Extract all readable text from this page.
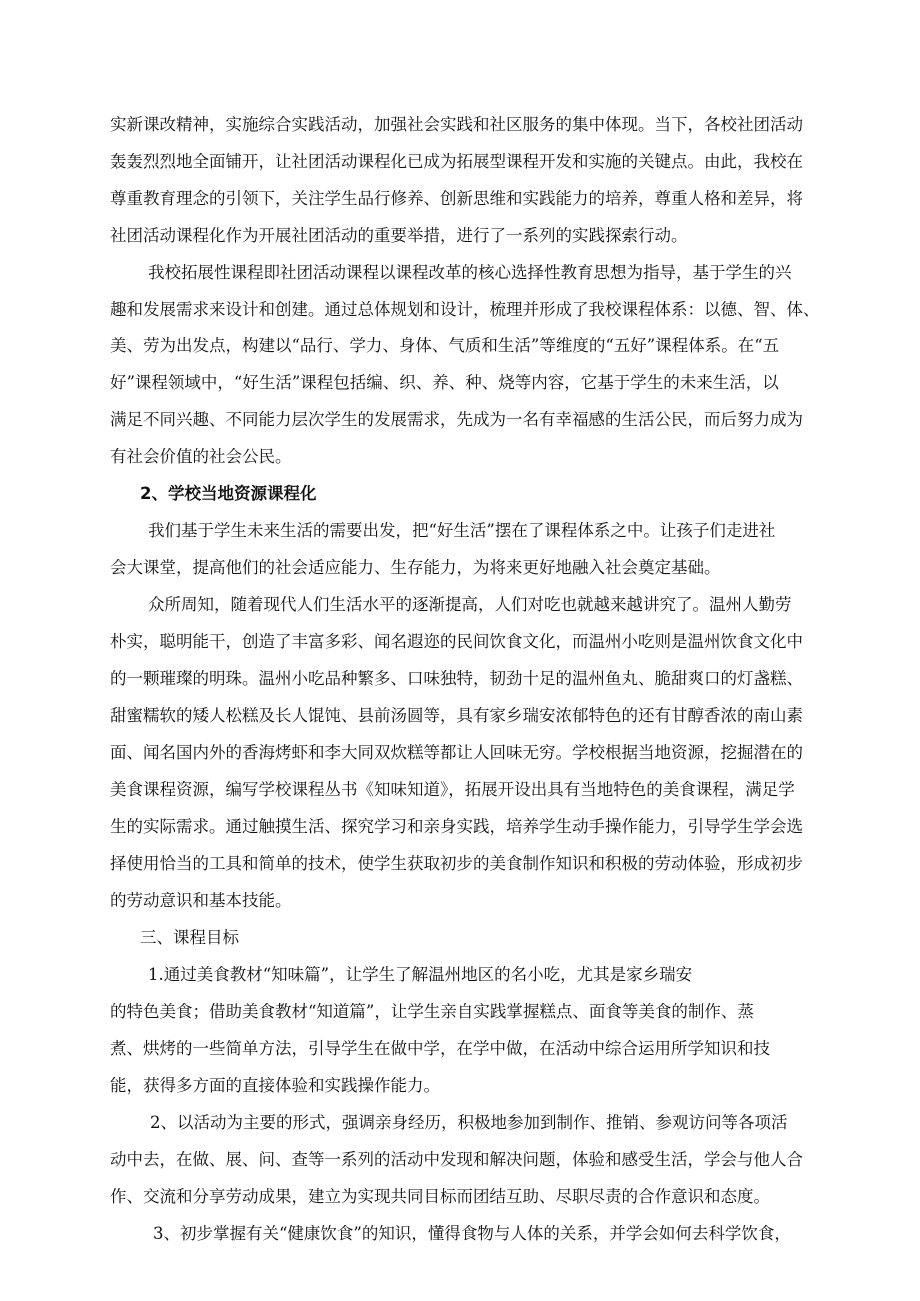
实新课改精神，实施综合实践活动，加强社会实践和社区服务的集中体现。当下，各校社团活动

轰轰烈烈地全面铺开，让社团活动课程化已成为拓展型课程开发和实施的关键点。由此，我校在

尊重教育理念的引领下，关注学生品行修养、创新思维和实践能力的培养，尊重人格和差异，将

社团活动课程化作为开展社团活动的重要举措，进行了一系列的实践探索行动。

我校拓展性课程即社团活动课程以课程改革的核心选择性教育思想为指导，基于学生的兴

趣和发展需求来设计和创建。通过总体规划和设计，梳理并形成了我校课程体系：以德、智、体、

美、劳为出发点，构建以“品行、学力、身体、气质和生活”等维度的“五好”课程体系。在“五

好”课程领域中，“好生活”课程包括编、织、养、种、烧等内容，它基于学生的未来生活，以

满足不同兴趣、不同能力层次学生的发展需求，先成为一名有幸福感的生活公民，而后努力成为

有社会价值的社会公民。

2、学校当地资源课程化

我们基于学生未来生活的需要出发，把“好生活”摆在了课程体系之中。让孩子们走进社

会大课堂，提高他们的社会适应能力、生存能力，为将来更好地融入社会奠定基础。

众所周知，随着现代人们生活水平的逐渐提高，人们对吃也就越来越讲究了。温州人勤劳

朴实，聪明能干，创造了丰富多彩、闻名遐迩的民间饮食文化，而温州小吃则是温州饮食文化中

的一颗璀璨的明珠。温州小吃品种繁多、口味独特，韧劲十足的温州鱼丸、脆甜爽口的灯盏糕、

甜蜜糯软的矮人松糕及长人馄饨、县前汤圆等，具有家乡瑞安浓郁特色的还有甘醇香浓的南山素

面、闻名国内外的香海烤虾和李大同双炊糕等都让人回味无穷。学校根据当地资源，挖掘潜在的

美食课程资源，编写学校课程丛书《知味知道》，拓展开设出具有当地特色的美食课程，满足学

生的实际需求。通过触摸生活、探究学习和亲身实践，培养学生动手操作能力，引导学生学会选

择使用恰当的工具和简单的技术，使学生获取初步的美食制作知识和积极的劳动体验，形成初步

的劳动意识和基本技能。

三、课程目标

1.通过美食教材“知味篇”，让学生了解温州地区的名小吃，尤其是家乡瑞安

的特色美食；借助美食教材“知道篇”，让学生亲自实践掌握糕点、面食等美食的制作、蒸

煮、烘烤的一些简单方法，引导学生在做中学，在学中做，在活动中综合运用所学知识和技

能，获得多方面的直接体验和实践操作能力。

2、以活动为主要的形式，强调亲身经历，积极地参加到制作、推销、参观访问等各项活

动中去，在做、展、问、查等一系列的活动中发现和解决问题，体验和感受生活，学会与他人合

作、交流和分享劳动成果，建立为实现共同目标而团结互助、尽职尽责的合作意识和态度。

3、初步掌握有关“健康饮食”的知识，懂得食物与人体的关系，并学会如何去科学饮食，
